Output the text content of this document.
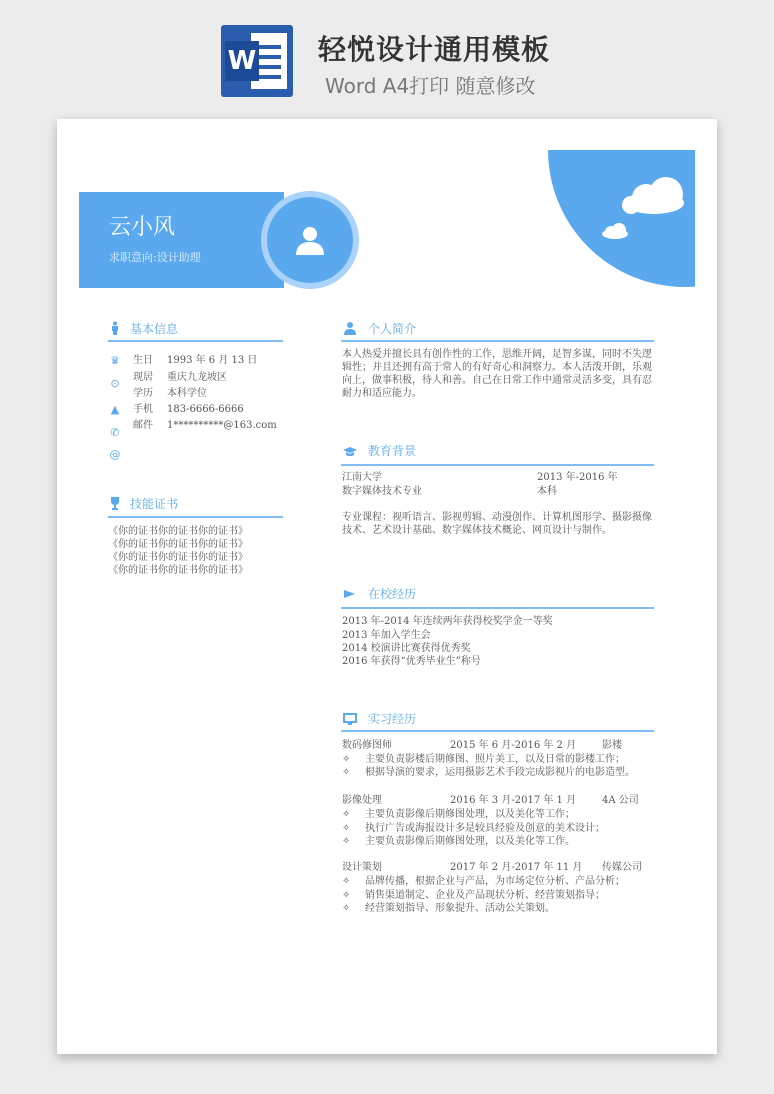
W 轻悦设计通用模板
Word A4打印 随意修改
云小风
求职意向:设计助理
基本信息
♛
⊙
▲
✆
@
生日 1993 年 6 月 13 日
现居 重庆九龙坡区
学历 本科学位
手机 183-6666-6666
邮件 1**********@163.com
技能证书
《你的证书你的证书你的证书》
《你的证书你的证书你的证书》
《你的证书你的证书你的证书》
《你的证书你的证书你的证书》
个人简介
本人热爱并擅长具有创作性的工作，思维开阔，足智多谋，同时不失逻辑性；并且还拥有高于常人的有好奇心和洞察力。本人活泼开朗，乐观向上，做事积极，待人和善。自己在日常工作中通常灵活多变，具有忍耐力和适应能力。
教育背景
江南大学	2013 年-2016 年
数字媒体技术专业	本科
专业课程：视听语言、影视剪辑、动漫创作、计算机图形学、摄影摄像技术、艺术设计基础、数字媒体技术概论、网页设计与制作。
在校经历
2013 年-2014 年连续两年获得校奖学金一等奖
2013 年加入学生会
2014 校演讲比赛获得优秀奖
2016 年获得“优秀毕业生”称号
实习经历
数码修图师	2015 年 6 月-2016 年 2 月	影楼
✧ 主要负责影楼后期修图、照片美工，以及日常的影楼工作；
✧ 根据导演的要求，运用摄影艺术手段完成影视片的电影造型。
影像处理	2016 年 3 月-2017 年 1 月	4A 公司
✧ 主要负责影像后期修图处理，以及美化等工作；
✧ 执行广告或海报设计多是较具经验及创意的美术设计；
✧ 主要负责影像后期修图处理，以及美化等工作。
设计策划	2017 年 2 月-2017 年 11 月 传媒公司
✧ 品牌传播，根据企业与产品，为市场定位分析、产品分析；
✧ 销售渠道制定、企业及产品现状分析、经营策划指导；
✧ 经营策划指导、形象提升、活动公关策划。
